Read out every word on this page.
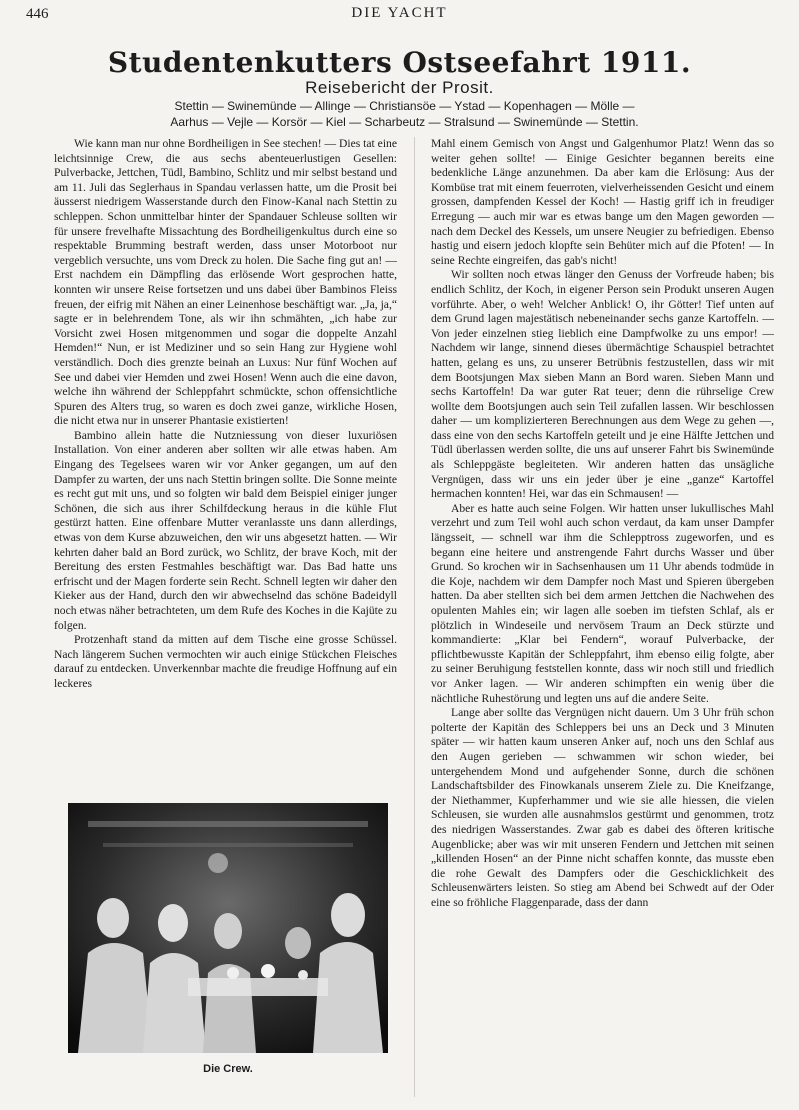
446	DIE YACHT
Studentenkutters Ostseefahrt 1911.
Reisebericht der Prosit.
Stettin — Swinemünde — Allinge — Christiansöe — Ystad — Kopenhagen — Mölle —
Aarhus — Vejle — Korsör — Kiel — Scharbeutz — Stralsund — Swinemünde — Stettin.

Wie kann man nur ohne Bordheiligen in See stechen! — Dies tat eine leichtsinnige Crew, die aus sechs abenteuerlustigen Gesellen: Pulverbacke, Jettchen, Tüdl, Bambino, Schlitz und mir selbst bestand und am 11. Juli das Seglerhaus in Spandau verlassen hatte, um die Prosit bei äusserst niedrigem Wasserstande durch den Finow-Kanal nach Stettin zu schleppen. Schon unmittelbar hinter der Spandauer Schleuse sollten wir für unsere frevelhafte Missachtung des Bordheiligenkultus durch eine so respektable Brumming bestraft werden, dass unser Motorboot nur vergeblich versuchte, uns vom Dreck zu holen. Die Sache fing gut an! — Erst nachdem ein Dämpfling das erlösende Wort gesprochen hatte, konnten wir unsere Reise fortsetzen und uns dabei über Bambinos Fleiss freuen, der eifrig mit Nähen an einer Leinenhose beschäftigt war. „Ja, ja,“ sagte er in belehrendem Tone, als wir ihn schmähten, „ich habe zur Vorsicht zwei Hosen mitgenommen und sogar die doppelte Anzahl Hemden!“ Nun, er ist Mediziner und so sein Hang zur Hygiene wohl verständlich. Doch dies grenzte beinah an Luxus: Nur fünf Wochen auf See und dabei vier Hemden und zwei Hosen! Wenn auch die eine davon, welche ihn während der Schleppfahrt schmückte, schon offensichtliche Spuren des Alters trug, so waren es doch zwei ganze, wirkliche Hosen, die nicht etwa nur in unserer Phantasie existierten!

Bambino allein hatte die Nutzniessung von dieser luxuriösen Installation. Von einer anderen aber sollten wir alle etwas haben. Am Eingang des Tegelsees waren wir vor Anker gegangen, um auf den Dampfer zu warten, der uns nach Stettin bringen sollte. Die Sonne meinte es recht gut mit uns, und so folgten wir bald dem Beispiel einiger junger Schönen, die sich aus ihrer Schilfdeckung heraus in die kühle Flut gestürzt hatten. Eine offenbare Mutter veranlasste uns dann allerdings, etwas von dem Kurse abzuweichen, den wir uns abgesetzt hatten. — Wir kehrten daher bald an Bord zurück, wo Schlitz, der brave Koch, mit der Bereitung des ersten Festmahles beschäftigt war. Das Bad hatte uns erfrischt und der Magen forderte sein Recht. Schnell legten wir daher den Kieker aus der Hand, durch den wir abwechselnd das schöne Badeidyll noch etwas näher betrachteten, um dem Rufe des Koches in die Kajüte zu folgen.

Protzenhaft stand da mitten auf dem Tische eine grosse Schüssel. Nach längerem Suchen vermochten wir auch einige Stückchen Fleisches darauf zu entdecken. Unverkennbar machte die freudige Hoffnung auf ein leckeres

Die Crew.

Mahl einem Gemisch von Angst und Galgenhumor Platz! Wenn das so weiter gehen sollte! — Einige Gesichter begannen bereits eine bedenkliche Länge anzunehmen. Da aber kam die Erlösung: Aus der Kombüse trat mit einem feuerroten, vielverheissenden Gesicht und einem grossen, dampfenden Kessel der Koch! — Hastig griff ich in freudiger Erregung — auch mir war es etwas bange um den Magen geworden — nach dem Deckel des Kessels, um unsere Neugier zu befriedigen. Ebenso hastig und eisern jedoch klopfte sein Behüter mich auf die Pfoten! — In seine Rechte eingreifen, das gab's nicht!

Wir sollten noch etwas länger den Genuss der Vorfreude haben; bis endlich Schlitz, der Koch, in eigener Person sein Produkt unseren Augen vorführte. Aber, o weh! Welcher Anblick! O, ihr Götter! Tief unten auf dem Grund lagen majestätisch nebeneinander sechs ganze Kartoffeln. — Von jeder einzelnen stieg lieblich eine Dampfwolke zu uns empor! — Nachdem wir lange, sinnend dieses übermächtige Schauspiel betrachtet hatten, gelang es uns, zu unserer Betrübnis festzustellen, dass wir mit dem Bootsjungen Max sieben Mann an Bord waren. Sieben Mann und sechs Kartoffeln! Da war guter Rat teuer; denn die rührselige Crew wollte dem Bootsjungen auch sein Teil zufallen lassen. Wir beschlossen daher — um komplizierteren Berechnungen aus dem Wege zu gehen —, dass eine von den sechs Kartoffeln geteilt und je eine Hälfte Jettchen und Tüdl überlassen werden sollte, die uns auf unserer Fahrt bis Swinemünde als Schleppgäste begleiteten. Wir anderen hatten das unsägliche Vergnügen, dass wir uns ein jeder über je eine „ganze“ Kartoffel hermachen konnten! Hei, war das ein Schmausen! —

Aber es hatte auch seine Folgen. Wir hatten unser lukullisches Mahl verzehrt und zum Teil wohl auch schon verdaut, da kam unser Dampfer längsseit, — schnell war ihm die Schlepptross zugeworfen, und es begann eine heitere und anstrengende Fahrt durchs Wasser und über Grund. So krochen wir in Sachsenhausen um 11 Uhr abends todmüde in die Koje, nachdem wir dem Dampfer noch Mast und Spieren übergeben hatten. Da aber stellten sich bei dem armen Jettchen die Nachwehen des opulenten Mahles ein; wir lagen alle soeben im tiefsten Schlaf, als er plötzlich in Windeseile und nervösem Traum an Deck stürzte und kommandierte: „Klar bei Fendern“, worauf Pulverbacke, der pflichtbewusste Kapitän der Schleppfahrt, ihm ebenso eilig folgte, aber zu seiner Beruhigung feststellen konnte, dass wir noch still und friedlich vor Anker lagen. — Wir anderen schimpften ein wenig über die nächtliche Ruhestörung und legten uns auf die andere Seite.

Lange aber sollte das Vergnügen nicht dauern. Um 3 Uhr früh schon polterte der Kapitän des Schleppers bei uns an Deck und 3 Minuten später — wir hatten kaum unseren Anker auf, noch uns den Schlaf aus den Augen gerieben — schwammen wir schon wieder, bei untergehendem Mond und aufgehender Sonne, durch die schönen Landschaftsbilder des Finowkanals unserem Ziele zu. Die Kneifzange, der Niethammer, Kupferhammer und wie sie alle hiessen, die vielen Schleusen, sie wurden alle ausnahmslos gestürmt und genommen, trotz des niedrigen Wasserstandes. Zwar gab es dabei des öfteren kritische Augenblicke; aber was wir mit unseren Fendern und Jettchen mit seinen „killenden Hosen“ an der Pinne nicht schaffen konnte, das musste eben die rohe Gewalt des Dampfers oder die Geschicklichkeit des Schleusenwärters leisten. So stieg am Abend bei Schwedt auf der Oder eine so fröhliche Flaggenparade, dass der dann
